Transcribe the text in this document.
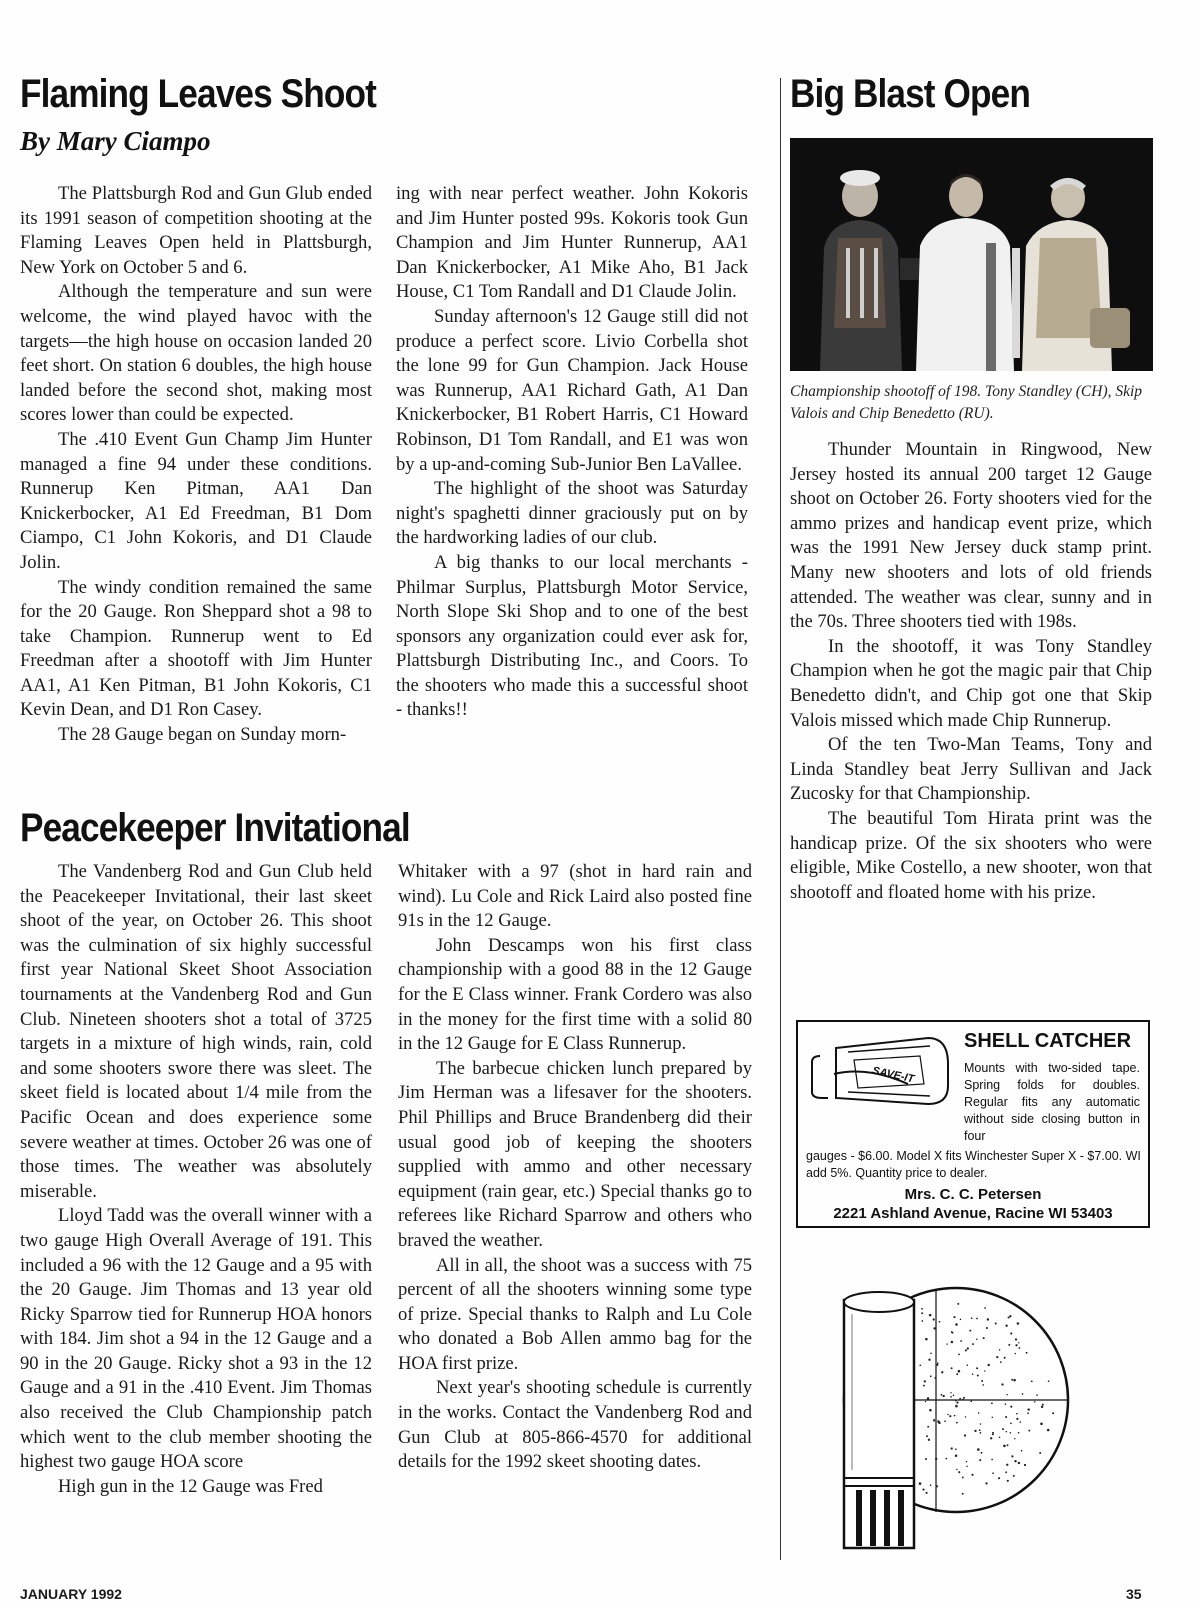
Flaming Leaves Shoot
By Mary Ciampo

The Plattsburgh Rod and Gun Glub ended its 1991 season of competition shooting at the Flaming Leaves Open held in Plattsburgh, New York on October 5 and 6.

Although the temperature and sun were welcome, the wind played havoc with the targets—the high house on occasion landed 20 feet short. On station 6 doubles, the high house landed before the second shot, making most scores lower than could be expected.

The .410 Event Gun Champ Jim Hunter managed a fine 94 under these conditions. Runnerup Ken Pitman, AA1 Dan Knickerbocker, A1 Ed Freedman, B1 Dom Ciampo, C1 John Kokoris, and D1 Claude Jolin.

The windy condition remained the same for the 20 Gauge. Ron Sheppard shot a 98 to take Champion. Runnerup went to Ed Freedman after a shootoff with Jim Hunter AA1, A1 Ken Pitman, B1 John Kokoris, C1 Kevin Dean, and D1 Ron Casey.

The 28 Gauge began on Sunday morn-

ing with near perfect weather. John Kokoris and Jim Hunter posted 99s. Kokoris took Gun Champion and Jim Hunter Runnerup, AA1 Dan Knickerbocker, A1 Mike Aho, B1 Jack House, C1 Tom Randall and D1 Claude Jolin.

Sunday afternoon's 12 Gauge still did not produce a perfect score. Livio Corbella shot the lone 99 for Gun Champion. Jack House was Runnerup, AA1 Richard Gath, A1 Dan Knickerbocker, B1 Robert Harris, C1 Howard Robinson, D1 Tom Randall, and E1 was won by a up-and-coming Sub-Junior Ben LaVallee.

The highlight of the shoot was Saturday night's spaghetti dinner graciously put on by the hardworking ladies of our club.

A big thanks to our local merchants - Philmar Surplus, Plattsburgh Motor Service, North Slope Ski Shop and to one of the best sponsors any organization could ever ask for, Plattsburgh Distributing Inc., and Coors. To the shooters who made this a successful shoot - thanks!!

Peacekeeper Invitational

The Vandenberg Rod and Gun Club held the Peacekeeper Invitational, their last skeet shoot of the year, on October 26. This shoot was the culmination of six highly successful first year National Skeet Shoot Association tournaments at the Vandenberg Rod and Gun Club. Nineteen shooters shot a total of 3725 targets in a mixture of high winds, rain, cold and some shooters swore there was sleet. The skeet field is located about 1/4 mile from the Pacific Ocean and does experience some severe weather at times. October 26 was one of those times. The weather was absolutely miserable.

Lloyd Tadd was the overall winner with a two gauge High Overall Average of 191. This included a 96 with the 12 Gauge and a 95 with the 20 Gauge. Jim Thomas and 13 year old Ricky Sparrow tied for Runnerup HOA honors with 184. Jim shot a 94 in the 12 Gauge and a 90 in the 20 Gauge. Ricky shot a 93 in the 12 Gauge and a 91 in the .410 Event. Jim Thomas also received the Club Championship patch which went to the club member shooting the highest two gauge HOA score

High gun in the 12 Gauge was Fred

Whitaker with a 97 (shot in hard rain and wind). Lu Cole and Rick Laird also posted fine 91s in the 12 Gauge.

John Descamps won his first class championship with a good 88 in the 12 Gauge for the E Class winner. Frank Cordero was also in the money for the first time with a solid 80 in the 12 Gauge for E Class Runnerup.

The barbecue chicken lunch prepared by Jim Herman was a lifesaver for the shooters. Phil Phillips and Bruce Brandenberg did their usual good job of keeping the shooters supplied with ammo and other necessary equipment (rain gear, etc.) Special thanks go to referees like Richard Sparrow and others who braved the weather.

All in all, the shoot was a success with 75 percent of all the shooters winning some type of prize. Special thanks to Ralph and Lu Cole who donated a Bob Allen ammo bag for the HOA first prize.

Next year's shooting schedule is currently in the works. Contact the Vandenberg Rod and Gun Club at 805-866-4570 for additional details for the 1992 skeet shooting dates.

Big Blast Open
Championship shootoff of 198. Tony Standley (CH), Skip Valois and Chip Benedetto (RU).

Thunder Mountain in Ringwood, New Jersey hosted its annual 200 target 12 Gauge shoot on October 26. Forty shooters vied for the ammo prizes and handicap event prize, which was the 1991 New Jersey duck stamp print. Many new shooters and lots of old friends attended. The weather was clear, sunny and in the 70s. Three shooters tied with 198s.

In the shootoff, it was Tony Standley Champion when he got the magic pair that Chip Benedetto didn't, and Chip got one that Skip Valois missed which made Chip Runnerup.

Of the ten Two-Man Teams, Tony and Linda Standley beat Jerry Sullivan and Jack Zucosky for that Championship.

The beautiful Tom Hirata print was the handicap prize. Of the six shooters who were eligible, Mike Costello, a new shooter, won that shootoff and floated home with his prize.

SAVE-IT
SHELL CATCHER
Mounts with two-sided tape. Spring folds for doubles. Regular fits any automatic without side closing button in four
gauges - $6.00. Model X fits Winchester Super X - $7.00. WI add 5%. Quantity price to dealer.
Mrs. C. C. Petersen
2221 Ashland Avenue, Racine WI 53403
JANUARY 1992	35
